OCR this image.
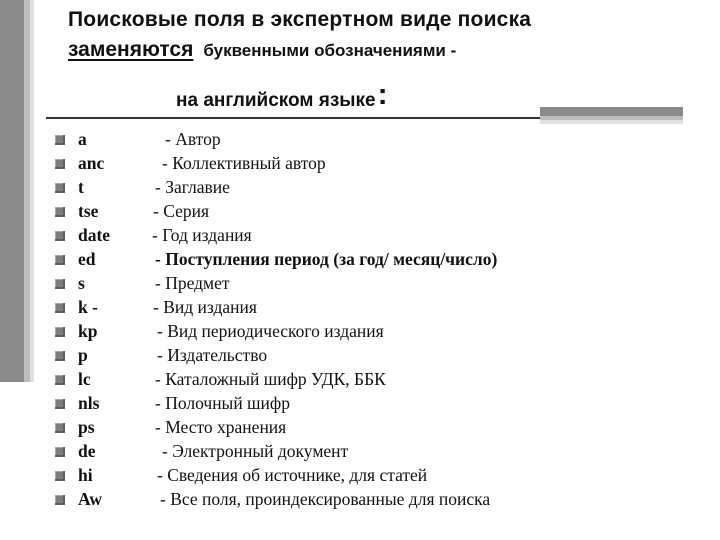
Поисковые поля в экспертном виде поиска
заменяются буквенными обозначениями -
на английском языке:
a	- Автор
anc	- Коллективный автор
t	- Заглавие
tse	- Серия
date - Год издания
ed	- Поступления период (за год/ месяц/число)
s	- Предмет
k -	- Вид издания
kp	- Вид периодического издания
p	- Издательство
lc	- Каталожный шифр УДК, ББК
nls	- Полочный шифр
ps	- Место хранения
de	- Электронный документ
hi	- Сведения об источнике, для статей
Aw	- Все поля, проиндексированные для поиска
